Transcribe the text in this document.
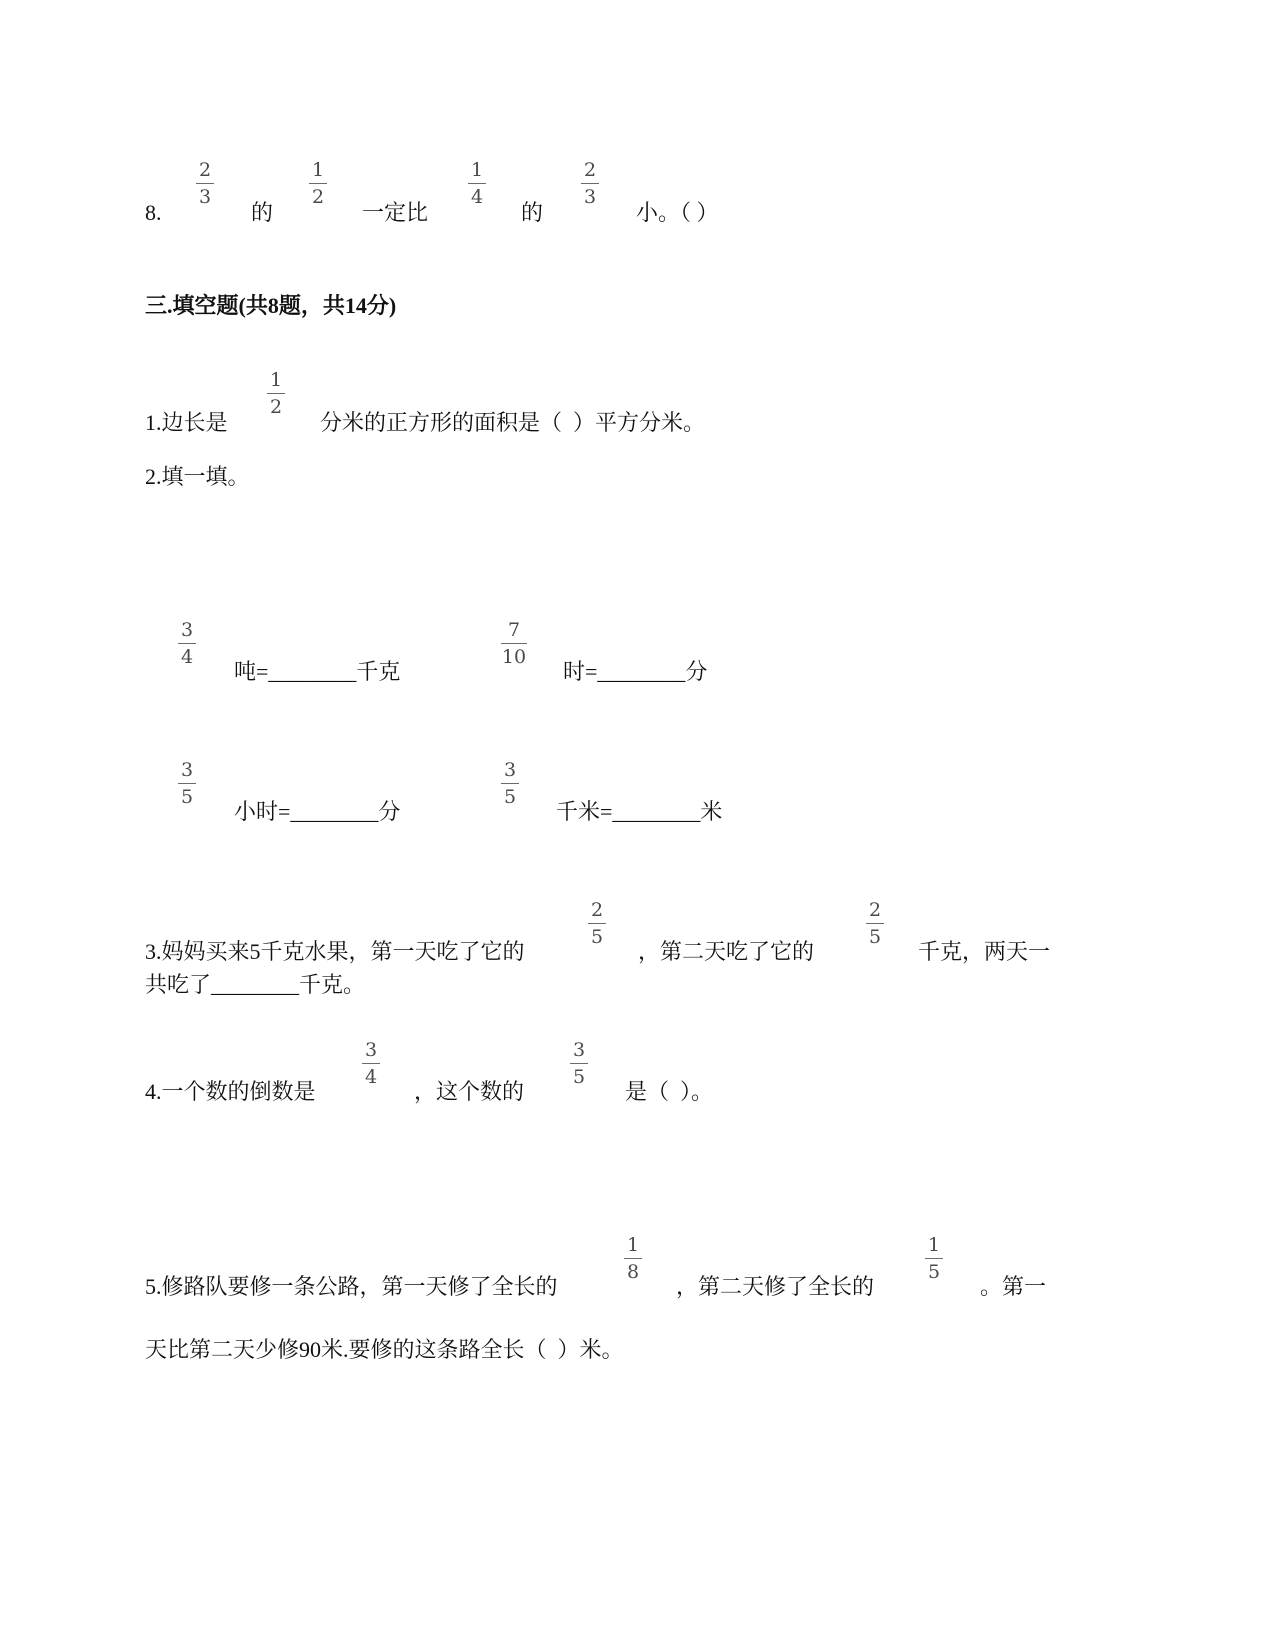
8.
2
3
的
1
2
一定比
1
4
的
2
3
小。（ ）
三.填空题(共8题，共14分)
1.边长是
1
2
分米的正方形的面积是（  ）平方分米。
2.填一填。
3
4
吨=________千克
7
10
时=________分
3
5
小时=________分
3
5
千米=________米
3.妈妈买来5千克水果，第一天吃了它的
2
5
，第二天吃了它的
2
5
千克，两天一
共吃了________千克。
4.一个数的倒数是
3
4
，这个数的
3
5
是（  ）。
5.修路队要修一条公路，第一天修了全长的
1
8
，第二天修了全长的
1
5
。第一
天比第二天少修90米.要修的这条路全长（  ）米。
